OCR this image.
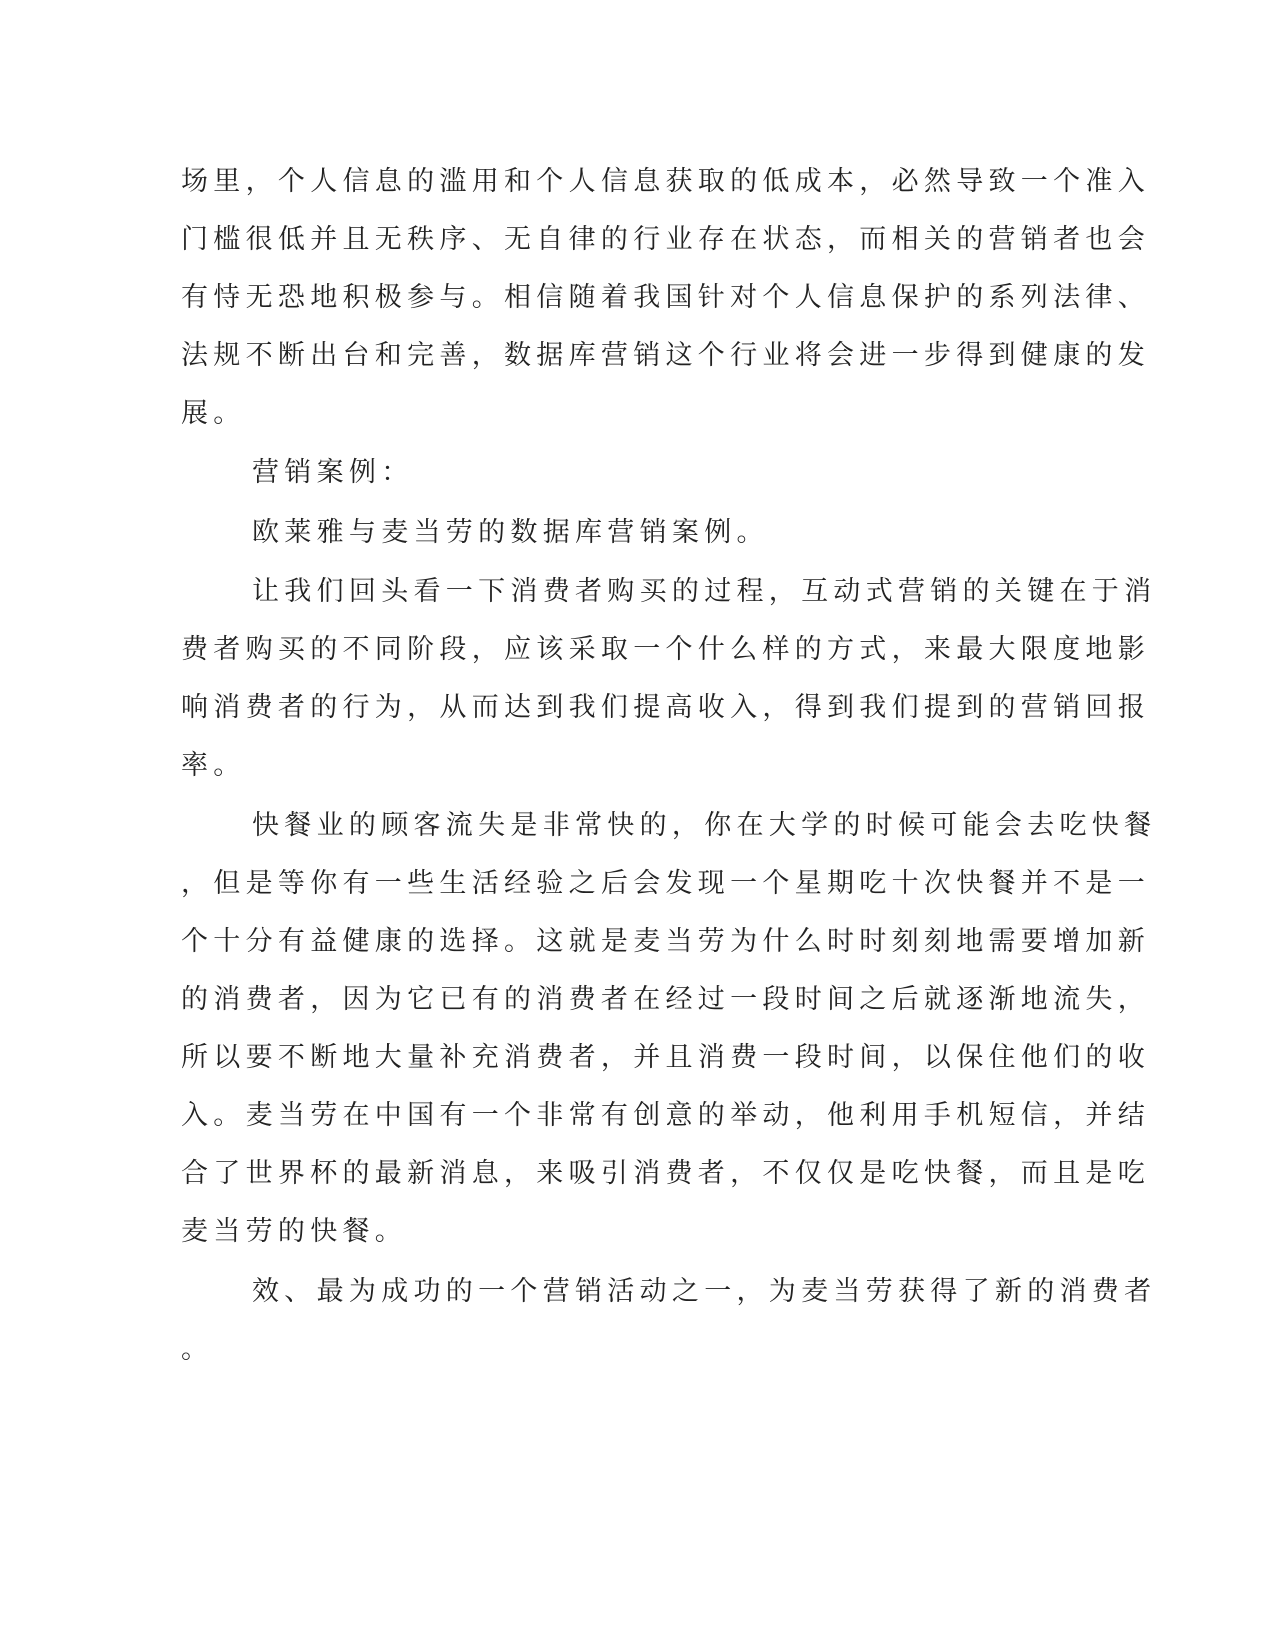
场里，个人信息的滥用和个人信息获取的低成本，必然导致一个准入

门槛很低并且无秩序、无自律的行业存在状态，而相关的营销者也会

有恃无恐地积极参与。相信随着我国针对个人信息保护的系列法律、

法规不断出台和完善，数据库营销这个行业将会进一步得到健康的发

展。

营销案例：

欧莱雅与麦当劳的数据库营销案例。

让我们回头看一下消费者购买的过程，互动式营销的关键在于消

费者购买的不同阶段，应该采取一个什么样的方式，来最大限度地影

响消费者的行为，从而达到我们提高收入，得到我们提到的营销回报

率。

快餐业的顾客流失是非常快的，你在大学的时候可能会去吃快餐

，但是等你有一些生活经验之后会发现一个星期吃十次快餐并不是一

个十分有益健康的选择。这就是麦当劳为什么时时刻刻地需要增加新

的消费者，因为它已有的消费者在经过一段时间之后就逐渐地流失，

所以要不断地大量补充消费者，并且消费一段时间，以保住他们的收

入。麦当劳在中国有一个非常有创意的举动，他利用手机短信，并结

合了世界杯的最新消息，来吸引消费者，不仅仅是吃快餐，而且是吃

麦当劳的快餐。

效、最为成功的一个营销活动之一，为麦当劳获得了新的消费者

。
